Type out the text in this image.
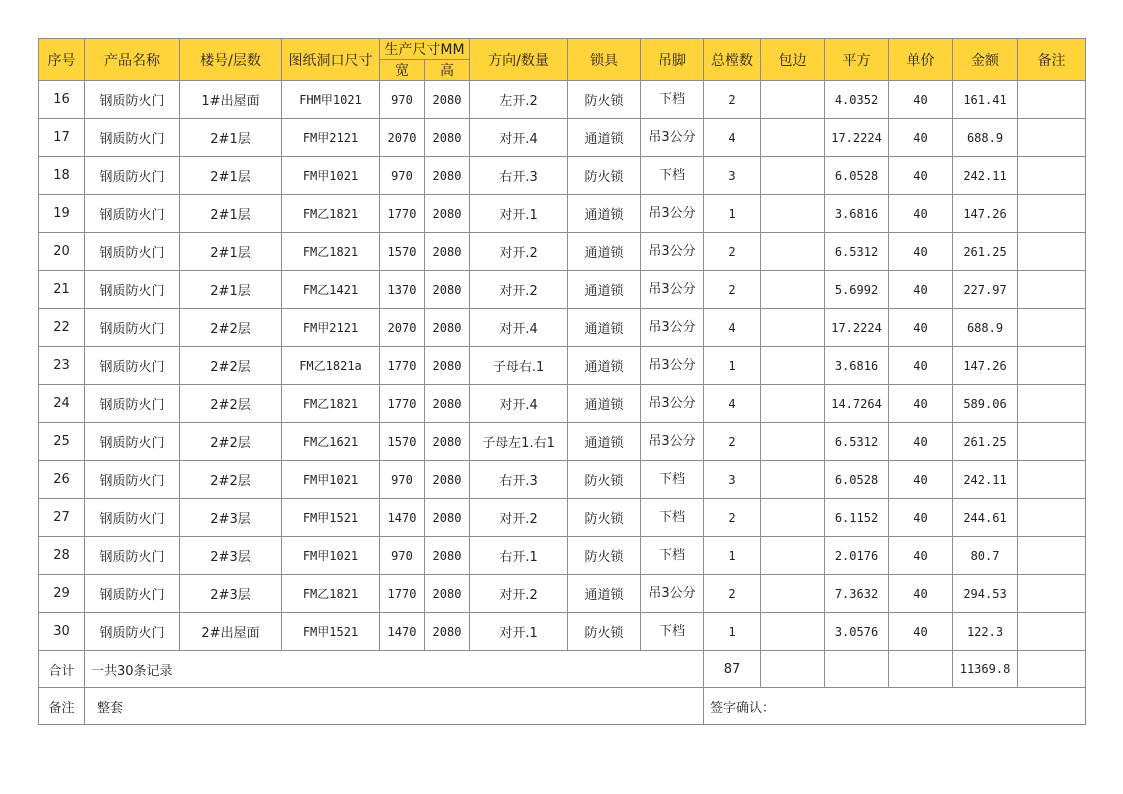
序号	产品名称	楼号/层数	图纸洞口尺寸	生产尺寸MM		方向/数量	锁具	吊脚	总樘数	包边	平方	单价	金额	备注
				宽	高									
16	钢质防火门	1#出屋面	FHM甲1021	970	2080	左开.2	防火锁	下档	2		4.0352	40	161.41	
17	钢质防火门	2#1层	FM甲2121	2070	2080	对开.4	通道锁	吊3公分	4		17.2224	40	688.9	
18	钢质防火门	2#1层	FM甲1021	970	2080	右开.3	防火锁	下档	3		6.0528	40	242.11	
19	钢质防火门	2#1层	FM乙1821	1770	2080	对开.1	通道锁	吊3公分	1		3.6816	40	147.26	
20	钢质防火门	2#1层	FM乙1821	1570	2080	对开.2	通道锁	吊3公分	2		6.5312	40	261.25	
21	钢质防火门	2#1层	FM乙1421	1370	2080	对开.2	通道锁	吊3公分	2		5.6992	40	227.97	
22	钢质防火门	2#2层	FM甲2121	2070	2080	对开.4	通道锁	吊3公分	4		17.2224	40	688.9	
23	钢质防火门	2#2层	FM乙1821a	1770	2080	子母右.1	通道锁	吊3公分	1		3.6816	40	147.26	
24	钢质防火门	2#2层	FM乙1821	1770	2080	对开.4	通道锁	吊3公分	4		14.7264	40	589.06	
25	钢质防火门	2#2层	FM乙1621	1570	2080	子母左1.右1	通道锁	吊3公分	2		6.5312	40	261.25	
26	钢质防火门	2#2层	FM甲1021	970	2080	右开.3	防火锁	下档	3		6.0528	40	242.11	
27	钢质防火门	2#3层	FM甲1521	1470	2080	对开.2	防火锁	下档	2		6.1152	40	244.61	
28	钢质防火门	2#3层	FM甲1021	970	2080	右开.1	防火锁	下档	1		2.0176	40	80.7	
29	钢质防火门	2#3层	FM乙1821	1770	2080	对开.2	通道锁	吊3公分	2		7.3632	40	294.53	
30	钢质防火门	2#出屋面	FM甲1521	1470	2080	对开.1	防火锁	下档	1		3.0576	40	122.3	
合计	一共30条记录								87				11369.8	
备注	整套								签字确认：					
